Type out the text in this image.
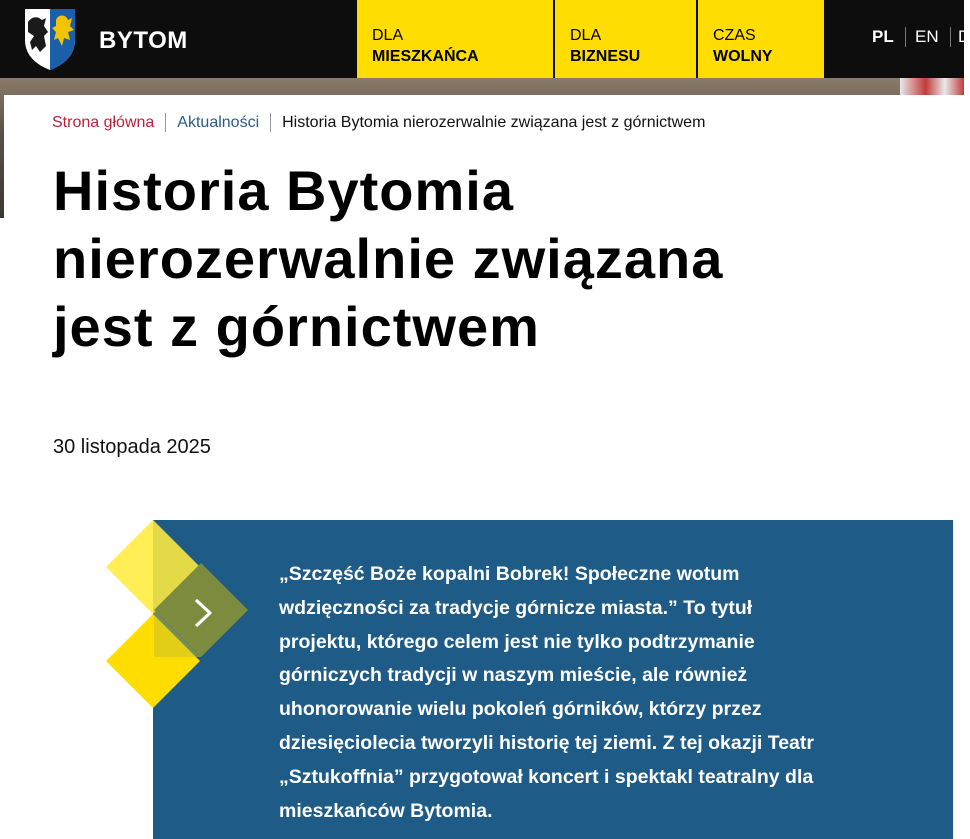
BYTOM	DLA
MIESZKAŃCA
DLA
BIZNESU
CZAS
WOLNY
PL EN D
Strona główna Aktualności Historia Bytomia nierozerwalnie związana jest z górnictwem
Historia Bytomia
nierozerwalnie związana
jest z górnictwem
30 listopada 2025

„Szczęść Boże kopalni Bobrek! Społeczne wotum
wdzięczności za tradycje górnicze miasta.” To tytuł
projektu, którego celem jest nie tylko podtrzymanie
górniczych tradycji w naszym mieście, ale również
uhonorowanie wielu pokoleń górników, którzy przez
dziesięciolecia tworzyli historię tej ziemi. Z tej okazji Teatr
„Sztukoffnia” przygotował koncert i spektakl teatralny dla
mieszkańców Bytomia.
